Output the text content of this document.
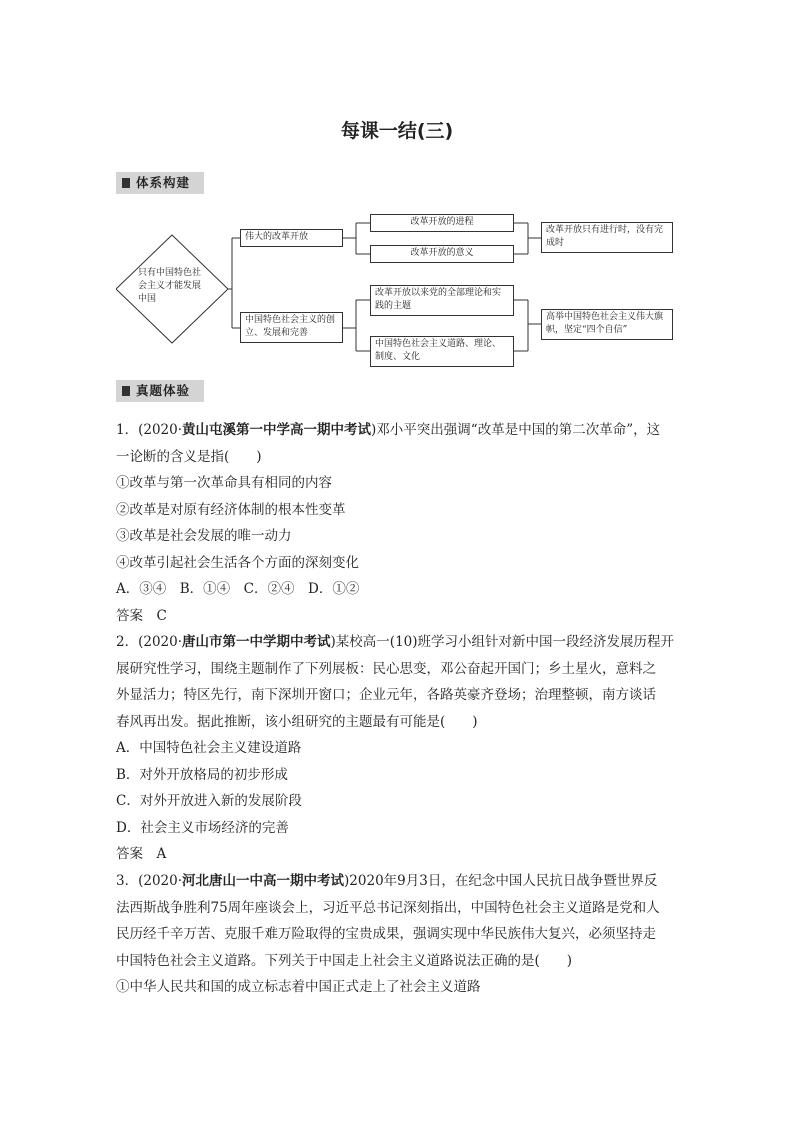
每课一结(三)
体系构建
只有中国特色社会主义才能发展中国
伟大的改革开放
改革开放的进程
改革开放的意义
改革开放只有进行时，没有完成时
中国特色社会主义的创立、发展和完善
改革开放以来党的全部理论和实践的主题
中国特色社会主义道路、理论、制度、文化
高举中国特色社会主义伟大旗帜，坚定“四个自信”
真题体验
1．(2020·黄山屯溪第一中学高一期中考试)邓小平突出强调“改革是中国的第二次革命”，这
一论断的含义是指(　　)
①改革与第一次革命具有相同的内容
②改革是对原有经济体制的根本性变革
③改革是社会发展的唯一动力
④改革引起社会生活各个方面的深刻变化
A．③④　B．①④　C．②④　D．①②
答案　 C
2．(2020·唐山市第一中学期中考试)某校高一(10)班学习小组针对新中国一段经济发展历程开
展研究性学习，围绕主题制作了下列展板：民心思变，邓公奋起开国门；乡土星火，意料之
外显活力；特区先行，南下深圳开窗口；企业元年，各路英豪齐登场；治理整顿，南方谈话
春风再出发。据此推断，该小组研究的主题最有可能是(　　)
A．中国特色社会主义建设道路
B．对外开放格局的初步形成
C．对外开放进入新的发展阶段
D．社会主义市场经济的完善
答案　 A
3．(2020·河北唐山一中高一期中考试)2020年9月3日，在纪念中国人民抗日战争暨世界反
法西斯战争胜利75周年座谈会上，习近平总书记深刻指出，中国特色社会主义道路是党和人
民历经千辛万苦、克服千难万险取得的宝贵成果，强调实现中华民族伟大复兴，必须坚持走
中国特色社会主义道路。下列关于中国走上社会主义道路说法正确的是(　　)
①中华人民共和国的成立标志着中国正式走上了社会主义道路
